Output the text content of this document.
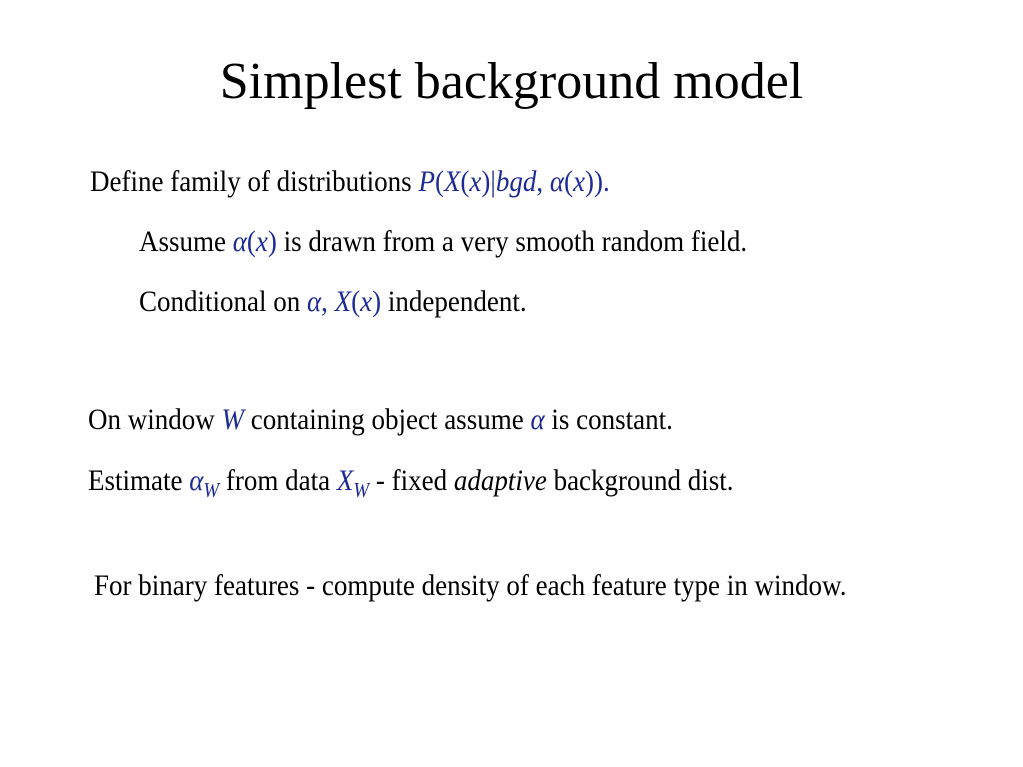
Simplest background model
Define family of distributions P(X(x)|bgd, α(x)).
Assume α(x) is drawn from a very smooth random field.
Conditional on α, X(x) independent.
On window W containing object assume α is constant.
Estimate $\alpha_W$ from data $X_W$ - fixed adaptive background dist.
For binary features - compute density of each feature type in window.
